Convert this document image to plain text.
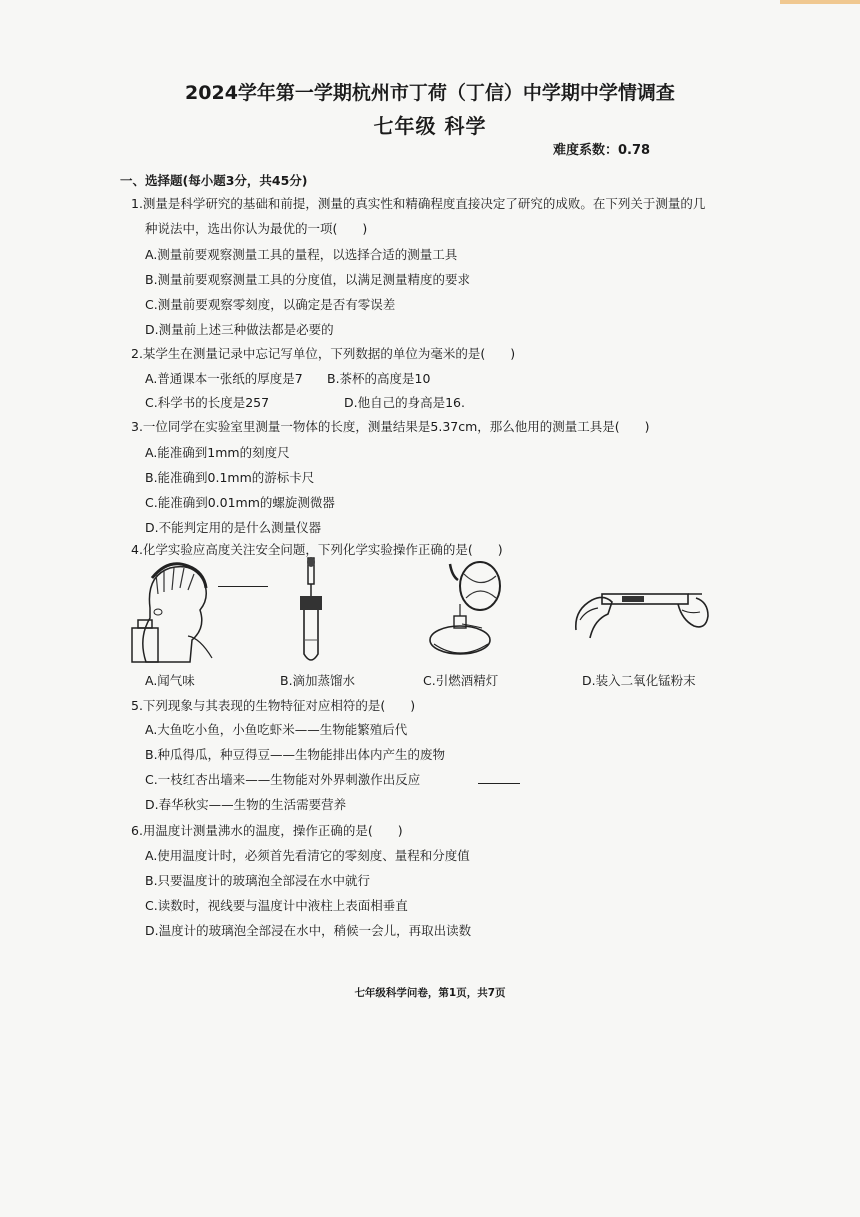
2024学年第一学期杭州市丁荷（丁信）中学期中学情调查
七年级 科学
难度系数：0.78
一、选择题(每小题3分，共45分)
1.测量是科学研究的基础和前提，测量的真实性和精确程度直接决定了研究的成败。在下列关于测量的几
种说法中，选出你认为最优的一项(　　)
A.测量前要观察测量工具的量程，以选择合适的测量工具
B.测量前要观察测量工具的分度值，以满足测量精度的要求
C.测量前要观察零刻度，以确定是否有零误差
D.测量前上述三种做法都是必要的
2.某学生在测量记录中忘记写单位，下列数据的单位为毫米的是(　　)
A.普通课本一张纸的厚度是7 B.茶杯的高度是10
C.科学书的长度是257	D.他自己的身高是16.
3.一位同学在实验室里测量一物体的长度，测量结果是5.37cm，那么他用的测量工具是(　　)
A.能准确到1mm的刻度尺
B.能准确到0.1mm的游标卡尺
C.能准确到0.01mm的螺旋测微器
D.不能判定用的是什么测量仪器
4.化学实验应高度关注安全问题，下列化学实验操作正确的是(　　)
A.闻气味	B.滴加蒸馏水	C.引燃酒精灯	D.装入二氧化锰粉末
5.下列现象与其表现的生物特征对应相符的是(　　)
A.大鱼吃小鱼，小鱼吃虾米——生物能繁殖后代
B.种瓜得瓜，种豆得豆——生物能排出体内产生的废物
C.一枝红杏出墙来——生物能对外界刺激作出反应
D.春华秋实——生物的生活需要营养
6.用温度计测量沸水的温度，操作正确的是(　　)
A.使用温度计时，必须首先看清它的零刻度、量程和分度值
B.只要温度计的玻璃泡全部浸在水中就行
C.读数时，视线要与温度计中液柱上表面相垂直
D.温度计的玻璃泡全部浸在水中，稍候一会儿，再取出读数
七年级科学问卷，第1页，共7页
